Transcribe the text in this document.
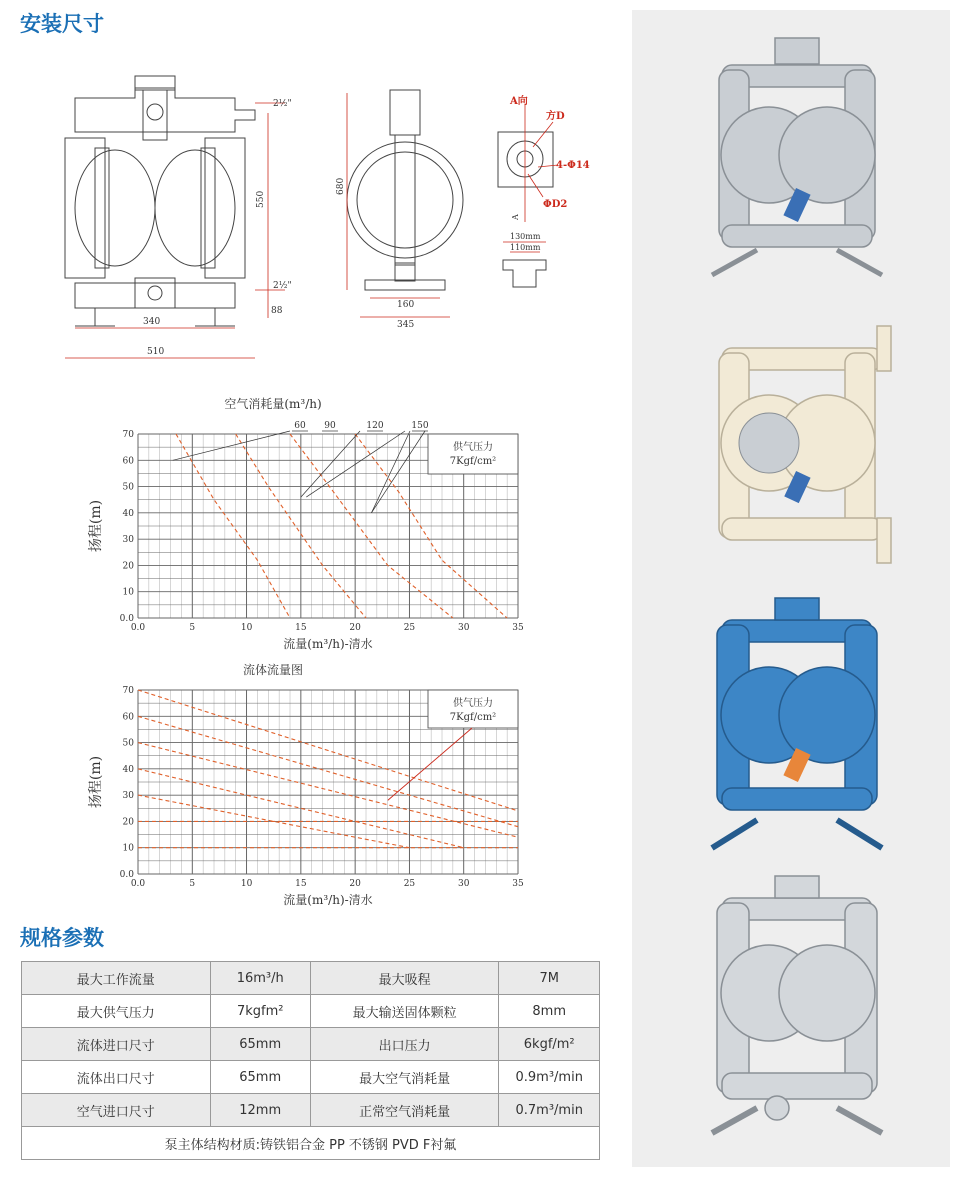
安装尺寸
2½"
2½"
550
88
340
510
680
160
345
A向
方D
4-Φ14
ΦD2
A
130mm
110mm
空气消耗量(m³/h)
0.0	5	10	15	20	25	30	35
0.0
10
20
30
40
50
60
70
流量(m³/h)-清水
扬程(m)
供气压力
7Kgf/cm²
60 90	120	150
流体流量图
0.0	5	10	15	20	25	30	35
0.0
10
20
30
40
50
60
70
流量(m³/h)-清水
扬程(m)
供气压力
7Kgf/cm²
规格参数
最大工作流量	16m³/h	最大吸程	7M
最大供气压力	7kgfm²	最大输送固体颗粒	8mm
流体进口尺寸	65mm	出口压力	6kgf/m²
流体出口尺寸	65mm	最大空气消耗量	0.9m³/min
空气进口尺寸	12mm	正常空气消耗量	0.7m³/min
泵主体结构材质:铸铁铝合金 PP 不锈钢 PVD F衬氟			
